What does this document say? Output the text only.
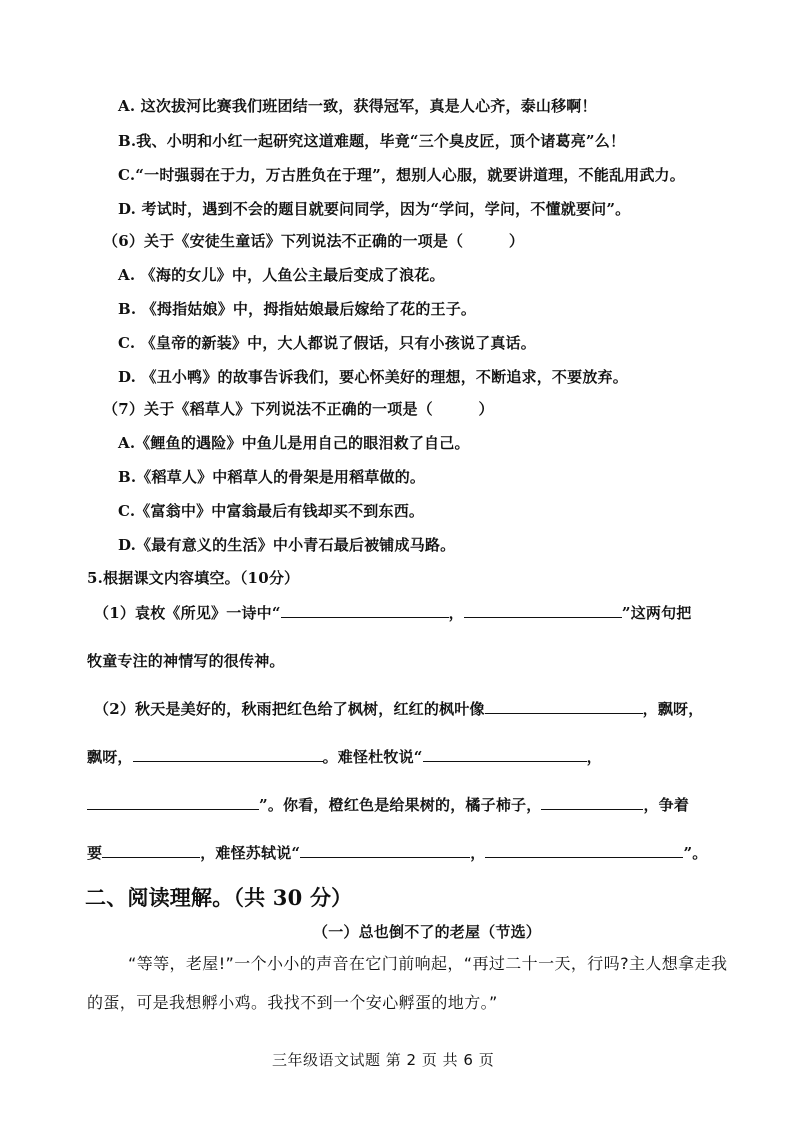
A. 这次拔河比赛我们班团结一致，获得冠军，真是人心齐，泰山移啊！
B.我、小明和小红一起研究这道难题，毕竟“三个臭皮匠，顶个诸葛亮”么！
C.“一时强弱在于力，万古胜负在于理”，想别人心服，就要讲道理，不能乱用武力。
D. 考试时，遇到不会的题目就要问同学，因为“学问，学问，不懂就要问”。
（6）关于《安徒生童话》下列说法不正确的一项是（　　　）
A. 《海的女儿》中，人鱼公主最后变成了浪花。
B. 《拇指姑娘》中，拇指姑娘最后嫁给了花的王子。
C. 《皇帝的新装》中，大人都说了假话，只有小孩说了真话。
D. 《丑小鸭》的故事告诉我们，要心怀美好的理想，不断追求，不要放弃。
（7）关于《稻草人》下列说法不正确的一项是（　　　）
A.《鲤鱼的遇险》中鱼儿是用自己的眼泪救了自己。
B.《稻草人》中稻草人的骨架是用稻草做的。
C.《富翁中》中富翁最后有钱却买不到东西。
D.《最有意义的生活》中小青石最后被铺成马路。
5.根据课文内容填空。（10分）
（1）袁枚《所见》一诗中“	，	”这两句把
牧童专注的神情写的很传神。
（2）秋天是美好的，秋雨把红色给了枫树，红红的枫叶像	，飘呀，
飘呀，	。难怪杜牧说“	，
”。你看，橙红色是给果树的，橘子柿子，	，争着
要	，难怪苏轼说“	，	”。
二、阅读理解。（共 30 分）
（一）总也倒不了的老屋（节选）
“等等，老屋!”一个小小的声音在它门前响起，“再过二十一天，行吗?主人想拿走我
的蛋，可是我想孵小鸡。我找不到一个安心孵蛋的地方。”
三年级语文试题 第 2 页 共 6 页
